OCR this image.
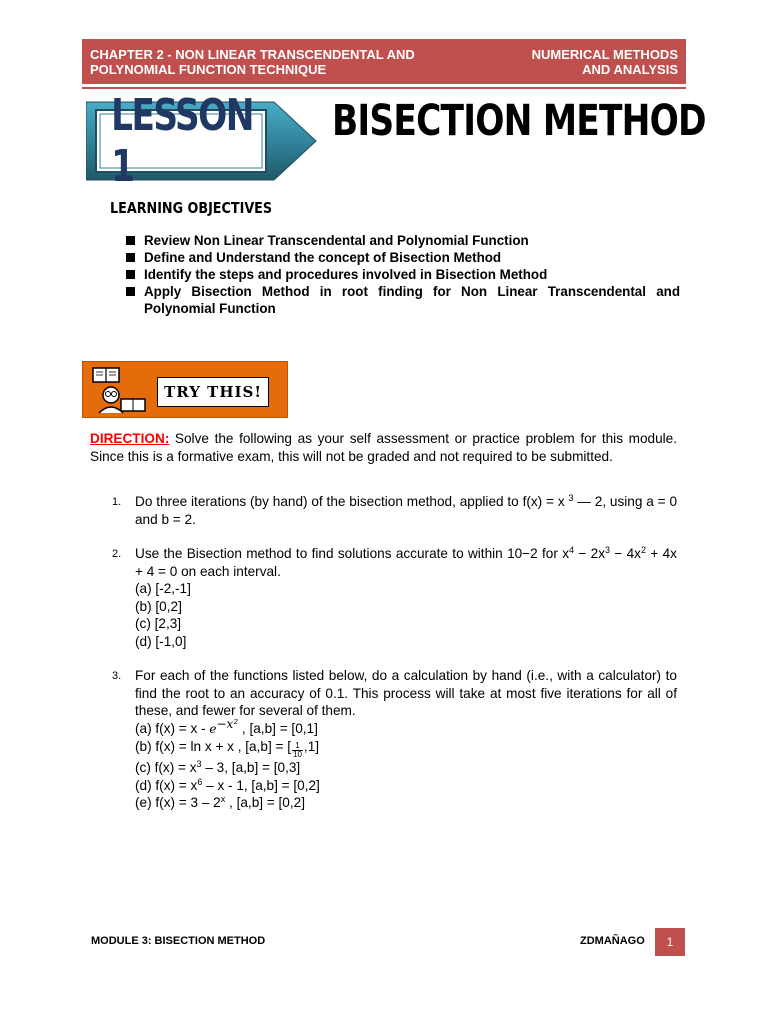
CHAPTER 2 - NON LINEAR TRANSCENDENTAL AND
POLYNOMIAL FUNCTION TECHNIQUE
NUMERICAL METHODS
AND ANALYSIS
LESSON 1
BISECTION METHOD
LEARNING OBJECTIVES
Review Non Linear Transcendental and Polynomial Function
Define and Understand the concept of Bisection Method
Identify the steps and procedures involved in Bisection Method
Apply Bisection Method in root finding for Non Linear Transcendental and Polynomial Function
TRY THIS!
DIRECTION: Solve the following as your self assessment or practice problem for this module. Since this is a formative exam, this will not be graded and not required to be submitted.
1. Do three iterations (by hand) of the bisection method, applied to f(x) = x $^3$ — 2, using a = 0 and b = 2.
2. Use the Bisection method to find solutions accurate to within 10−2 for $x^4 - 2x^3 - 4x^2 + 4x + 4 = 0$ on each interval.
(a) [-2,-1]
(b) [0,2]
(c) [2,3]
(d) [-1,0]
3. For each of the functions listed below, do a calculation by hand (i.e., with a calculator) to find the root to an accuracy of 0.1. This process will take at most five iterations for all of these, and fewer for several of them.
(a) $f(x) = x - e^{-x^2}$ , [a,b] = [0,1]
(b) f(x) = ln x + x , [a,b] = [ $\frac{1}{10} ,1$]
(c) $f(x) = x^3 - 3$, [a,b] = [0,3]
(d) $f(x) = x^6 - x - 1$, [a,b] = [0,2]
(e) f(x) = 3 – 2$^x$ , [a,b] = [0,2]
MODULE 3: BISECTION METHOD	ZDMAÑAGO	1
